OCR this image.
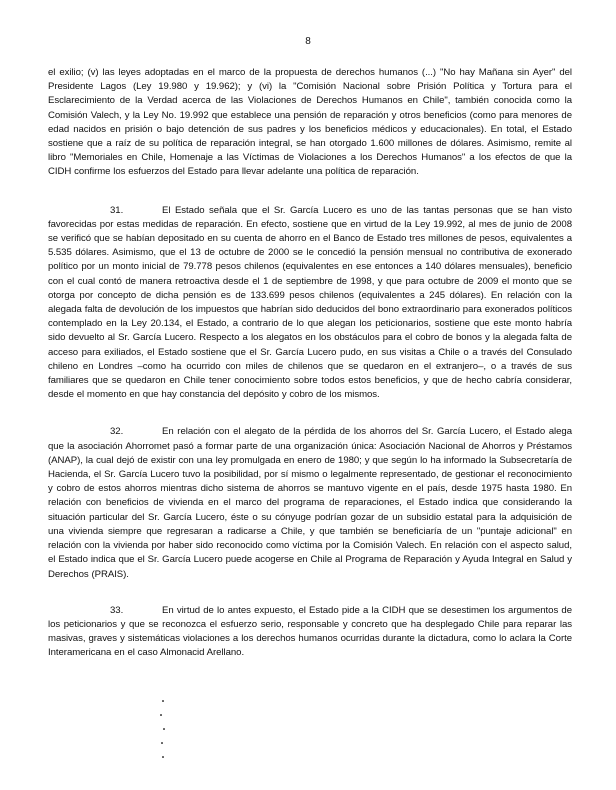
8

el exilio; (v) las leyes adoptadas en el marco de la propuesta de derechos humanos (...) "No hay Mañana sin Ayer" del Presidente Lagos (Ley 19.980 y 19.962); y (vi) la "Comisión Nacional sobre Prisión Política y Tortura para el Esclarecimiento de la Verdad acerca de las Violaciones de Derechos Humanos en Chile", también conocida como la Comisión Valech, y la Ley No. 19.992 que establece una pensión de reparación y otros beneficios (como para menores de edad nacidos en prisión o bajo detención de sus padres y los beneficios médicos y educacionales). En total, el Estado sostiene que a raíz de su política de reparación integral, se han otorgado 1.600 millones de dólares. Asimismo, remite al libro "Memoriales en Chile, Homenaje a las Víctimas de Violaciones a los Derechos Humanos" a los efectos de que la CIDH confirme los esfuerzos del Estado para llevar adelante una política de reparación.

31.	El Estado señala que el Sr. García Lucero es uno de las tantas personas que se han visto favorecidas por estas medidas de reparación. En efecto, sostiene que en virtud de la Ley 19.992, al mes de junio de 2008 se verificó que se habían depositado en su cuenta de ahorro en el Banco de Estado tres millones de pesos, equivalentes a 5.535 dólares. Asimismo, que el 13 de octubre de 2000 se le concedió la pensión mensual no contributiva de exonerado político por un monto inicial de 79.778 pesos chilenos (equivalentes en ese entonces a 140 dólares mensuales), beneficio con el cual contó de manera retroactiva desde el 1 de septiembre de 1998, y que para octubre de 2009 el monto que se otorga por concepto de dicha pensión es de 133.699 pesos chilenos (equivalentes a 245 dólares). En relación con la alegada falta de devolución de los impuestos que habrían sido deducidos del bono extraordinario para exonerados políticos contemplado en la Ley 20.134, el Estado, a contrario de lo que alegan los peticionarios, sostiene que este monto habría sido devuelto al Sr. García Lucero. Respecto a los alegatos en los obstáculos para el cobro de bonos y la alegada falta de acceso para exiliados, el Estado sostiene que el Sr. García Lucero pudo, en sus visitas a Chile o a través del Consulado chileno en Londres –como ha ocurrido con miles de chilenos que se quedaron en el extranjero–, o a través de sus familiares que se quedaron en Chile tener conocimiento sobre todos estos beneficios, y que de hecho cabría considerar, desde el momento en que hay constancia del depósito y cobro de los mismos.

32.	En relación con el alegato de la pérdida de los ahorros del Sr. García Lucero, el Estado alega que la asociación Ahorromet pasó a formar parte de una organización única: Asociación Nacional de Ahorros y Préstamos (ANAP), la cual dejó de existir con una ley promulgada en enero de 1980; y que según lo ha informado la Subsecretaría de Hacienda, el Sr. García Lucero tuvo la posibilidad, por sí mismo o legalmente representado, de gestionar el reconocimiento y cobro de estos ahorros mientras dicho sistema de ahorros se mantuvo vigente en el país, desde 1975 hasta 1980. En relación con beneficios de vivienda en el marco del programa de reparaciones, el Estado indica que considerando la situación particular del Sr. García Lucero, éste o su cónyuge podrían gozar de un subsidio estatal para la adquisición de una vivienda siempre que regresaran a radicarse a Chile, y que también se beneficiaría de un "puntaje adicional" en relación con la vivienda por haber sido reconocido como víctima por la Comisión Valech. En relación con el aspecto salud, el Estado indica que el Sr. García Lucero puede acogerse en Chile al Programa de Reparación y Ayuda Integral en Salud y Derechos (PRAIS).

33.	En virtud de lo antes expuesto, el Estado pide a la CIDH que se desestimen los argumentos de los peticionarios y que se reconozca el esfuerzo serio, responsable y concreto que ha desplegado Chile para reparar las masivas, graves y sistemáticas violaciones a los derechos humanos ocurridas durante la dictadura, como lo aclara la Corte Interamericana en el caso Almonacid Arellano.
